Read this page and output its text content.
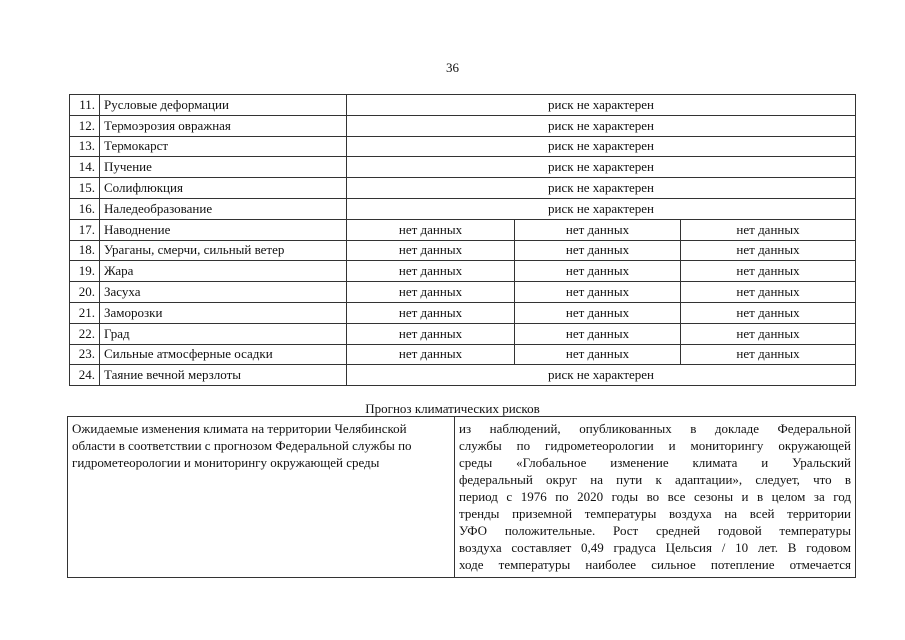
36
11.	Русловые деформации	риск не характерен		
12.	Термоэрозия овражная	риск не характерен		
13.	Термокарст	риск не характерен		
14.	Пучение	риск не характерен		
15.	Солифлюкция	риск не характерен		
16.	Наледеобразование	риск не характерен		
17.	Наводнение	нет данных	нет данных	нет данных
18.	Ураганы, смерчи, сильный ветер	нет данных	нет данных	нет данных
19.	Жара	нет данных	нет данных	нет данных
20.	Засуха	нет данных	нет данных	нет данных
21.	Заморозки	нет данных	нет данных	нет данных
22.	Град	нет данных	нет данных	нет данных
23.	Сильные атмосферные осадки	нет данных	нет данных	нет данных
24.	Таяние вечной мерзлоты	риск не характерен		
Прогноз климатических рисков
Ожидаемые изменения климата на территории Челябинской области в соответствии с прогнозом Федеральной службы по гидрометеорологии и мониторингу окружающей среды	
из наблюдений, опубликованных в докладе Федеральной
службы по гидрометеорологии и мониторингу окружающей
среды «Глобальное изменение климата и Уральский
федеральный округ на пути к адаптации», следует, что в
период с 1976 по 2020 годы во все сезоны и в целом за год
тренды приземной температуры воздуха на всей территории
УФО положительные. Рост средней годовой температуры
воздуха составляет 0,49 градуса Цельсия / 10 лет. В годовом
ходе температуры наиболее сильное потепление отмечается
